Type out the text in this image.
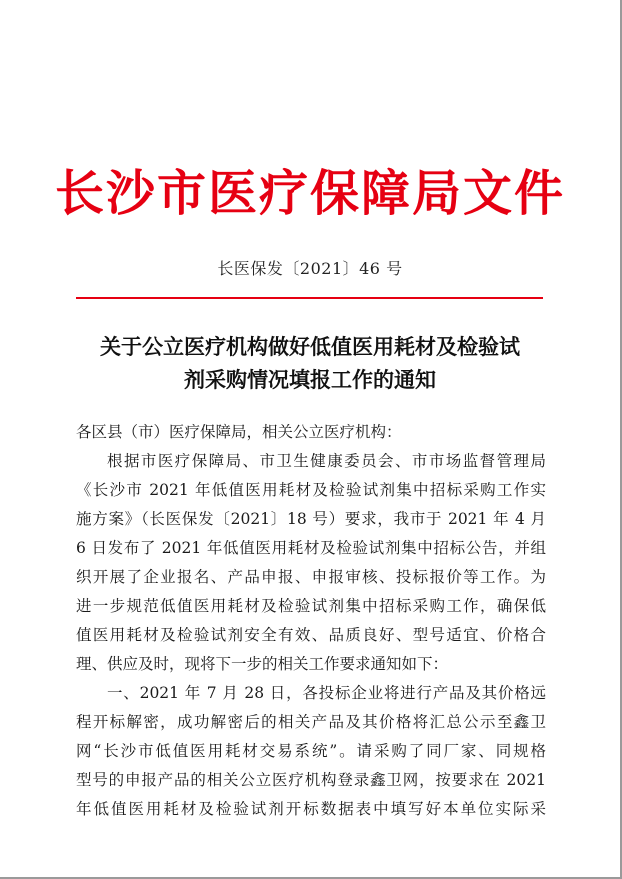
长沙市医疗保障局文件
长医保发〔2021〕46 号
关于公立医疗机构做好低值医用耗材及检验试
剂采购情况填报工作的通知
各区县（市）医疗保障局，相关公立医疗机构：
根据市医疗保障局、市卫生健康委员会、市市场监督管理局
《长沙市 2021 年低值医用耗材及检验试剂集中招标采购工作实
施方案》（长医保发〔2021〕18 号）要求，我市于 2021 年 4 月
6 日发布了 2021 年低值医用耗材及检验试剂集中招标公告，并组
织开展了企业报名、产品申报、申报审核、投标报价等工作。为
进一步规范低值医用耗材及检验试剂集中招标采购工作，确保低
值医用耗材及检验试剂安全有效、品质良好、型号适宜、价格合
理、供应及时，现将下一步的相关工作要求通知如下：
一、2021 年 7 月 28 日，各投标企业将进行产品及其价格远
程开标解密，成功解密后的相关产品及其价格将汇总公示至鑫卫
网“长沙市低值医用耗材交易系统”。请采购了同厂家、同规格
型号的申报产品的相关公立医疗机构登录鑫卫网，按要求在 2021
年低值医用耗材及检验试剂开标数据表中填写好本单位实际采
